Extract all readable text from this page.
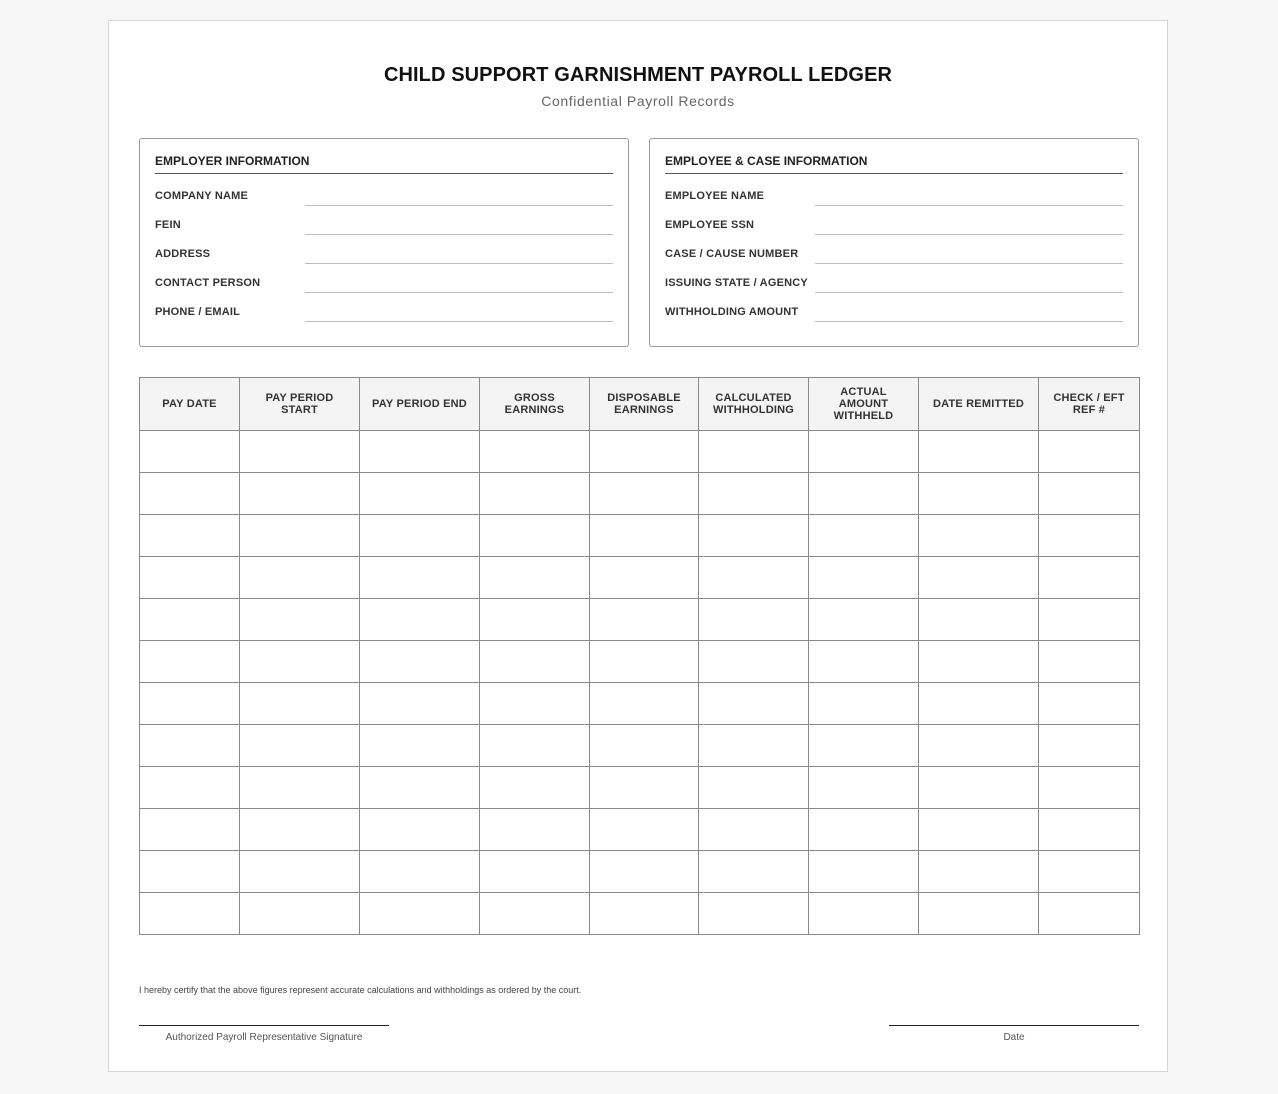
CHILD SUPPORT GARNISHMENT PAYROLL LEDGER
Confidential Payroll Records
EMPLOYER INFORMATION
COMPANY NAME
FEIN
ADDRESS
CONTACT PERSON
PHONE / EMAIL
EMPLOYEE & CASE INFORMATION
EMPLOYEE NAME
EMPLOYEE SSN
CASE / CAUSE NUMBER
ISSUING STATE / AGENCY
WITHHOLDING AMOUNT
PAY DATE	PAY PERIOD START	PAY PERIOD END	GROSS EARNINGS	DISPOSABLE EARNINGS	CALCULATED WITHHOLDING	ACTUAL AMOUNT WITHHELD	DATE REMITTED	CHECK / EFT REF #

I hereby certify that the above figures represent accurate calculations and withholdings as ordered by the court.
Authorized Payroll Representative Signature	Date
